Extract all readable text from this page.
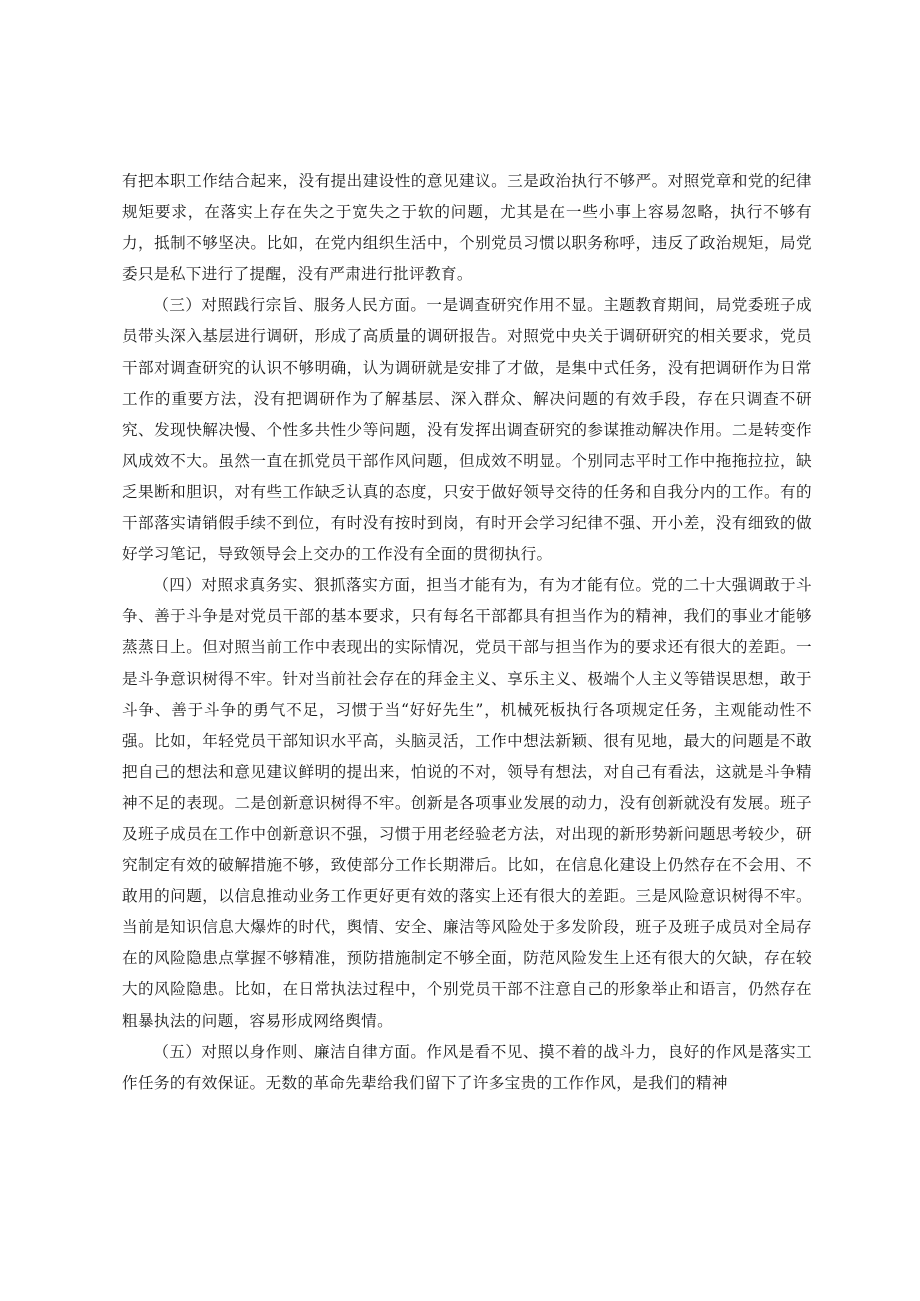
有把本职工作结合起来，没有提出建设性的意见建议。三是政治执行不够严。对照党章和党的纪律规矩要求，在落实上存在失之于宽失之于软的问题，尤其是在一些小事上容易忽略，执行不够有力，抵制不够坚决。比如，在党内组织生活中，个别党员习惯以职务称呼，违反了政治规矩，局党委只是私下进行了提醒，没有严肃进行批评教育。

（三）对照践行宗旨、服务人民方面。一是调查研究作用不显。主题教育期间，局党委班子成员带头深入基层进行调研，形成了高质量的调研报告。对照党中央关于调研研究的相关要求，党员干部对调查研究的认识不够明确，认为调研就是安排了才做，是集中式任务，没有把调研作为日常工作的重要方法，没有把调研作为了解基层、深入群众、解决问题的有效手段，存在只调查不研究、发现快解决慢、个性多共性少等问题，没有发挥出调查研究的参谋推动解决作用。二是转变作风成效不大。虽然一直在抓党员干部作风问题，但成效不明显。个别同志平时工作中拖拖拉拉，缺乏果断和胆识，对有些工作缺乏认真的态度，只安于做好领导交待的任务和自我分内的工作。有的干部落实请销假手续不到位，有时没有按时到岗，有时开会学习纪律不强、开小差，没有细致的做好学习笔记，导致领导会上交办的工作没有全面的贯彻执行。

（四）对照求真务实、狠抓落实方面，担当才能有为，有为才能有位。党的二十大强调敢于斗争、善于斗争是对党员干部的基本要求，只有每名干部都具有担当作为的精神，我们的事业才能够蒸蒸日上。但对照当前工作中表现出的实际情况，党员干部与担当作为的要求还有很大的差距。一是斗争意识树得不牢。针对当前社会存在的拜金主义、享乐主义、极端个人主义等错误思想，敢于斗争、善于斗争的勇气不足，习惯于当“好好先生”，机械死板执行各项规定任务，主观能动性不强。比如，年轻党员干部知识水平高，头脑灵活，工作中想法新颖、很有见地，最大的问题是不敢把自己的想法和意见建议鲜明的提出来，怕说的不对，领导有想法，对自己有看法，这就是斗争精神不足的表现。二是创新意识树得不牢。创新是各项事业发展的动力，没有创新就没有发展。班子及班子成员在工作中创新意识不强，习惯于用老经验老方法，对出现的新形势新问题思考较少，研究制定有效的破解措施不够，致使部分工作长期滞后。比如，在信息化建设上仍然存在不会用、不敢用的问题，以信息推动业务工作更好更有效的落实上还有很大的差距。三是风险意识树得不牢。当前是知识信息大爆炸的时代，舆情、安全、廉洁等风险处于多发阶段，班子及班子成员对全局存在的风险隐患点掌握不够精准，预防措施制定不够全面，防范风险发生上还有很大的欠缺，存在较大的风险隐患。比如，在日常执法过程中，个别党员干部不注意自己的形象举止和语言，仍然存在粗暴执法的问题，容易形成网络舆情。

（五）对照以身作则、廉洁自律方面。作风是看不见、摸不着的战斗力，良好的作风是落实工作任务的有效保证。无数的革命先辈给我们留下了许多宝贵的工作作风，是我们的精神
